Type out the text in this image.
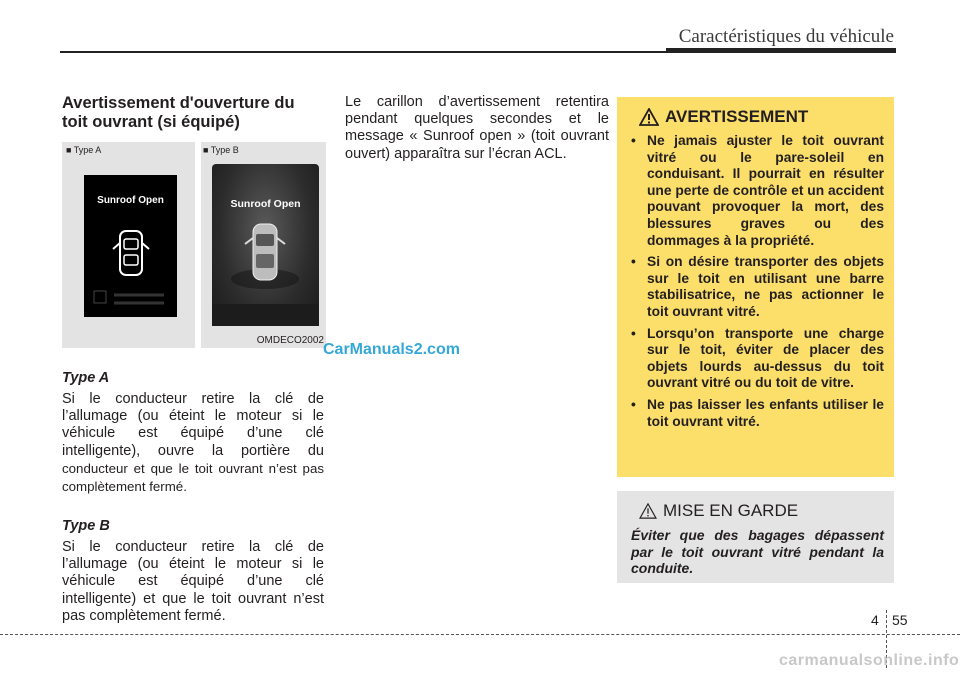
Caractéristiques du véhicule
Avertissement d'ouverture du toit ouvrant (si équipé)
■ Type A	■ Type B
Sunroof Open	Sunroof Open
OMDECO2002
CarManuals2.com
Type A
Si le conducteur retire la clé de l’allumage (ou éteint le moteur si le véhicule est équipé d’une clé intelligente), ouvre la portière du conducteur et que le toit ouvrant n’est pas complètement fermé.
Type B
Si le conducteur retire la clé de l’allumage (ou éteint le moteur si le véhicule est équipé d’une clé intelligente) et que le toit ouvrant n’est pas complètement fermé.
Le carillon d’avertissement retentira pendant quelques secondes et le message « Sunroof open » (toit ouvrant ouvert) apparaîtra sur l’écran ACL.
AVERTISSEMENT
• Ne jamais ajuster le toit ouvrant vitré ou le pare-soleil en conduisant. Il pourrait en résulter une perte de contrôle et un accident pouvant provoquer la mort, des blessures graves ou des dommages à la propriété.
• Si on désire transporter des objets sur le toit en utilisant une barre stabilisatrice, ne pas actionner le toit ouvrant vitré.
• Lorsqu’on transporte une charge sur le toit, éviter de placer des objets lourds au-dessus du toit ouvrant vitré ou du toit de vitre.
• Ne pas laisser les enfants utiliser le toit ouvrant vitré.
MISE EN GARDE
Éviter que des bagages dépassent par le toit ouvrant vitré pendant la conduite.
4 55
carmanualsonline.info
